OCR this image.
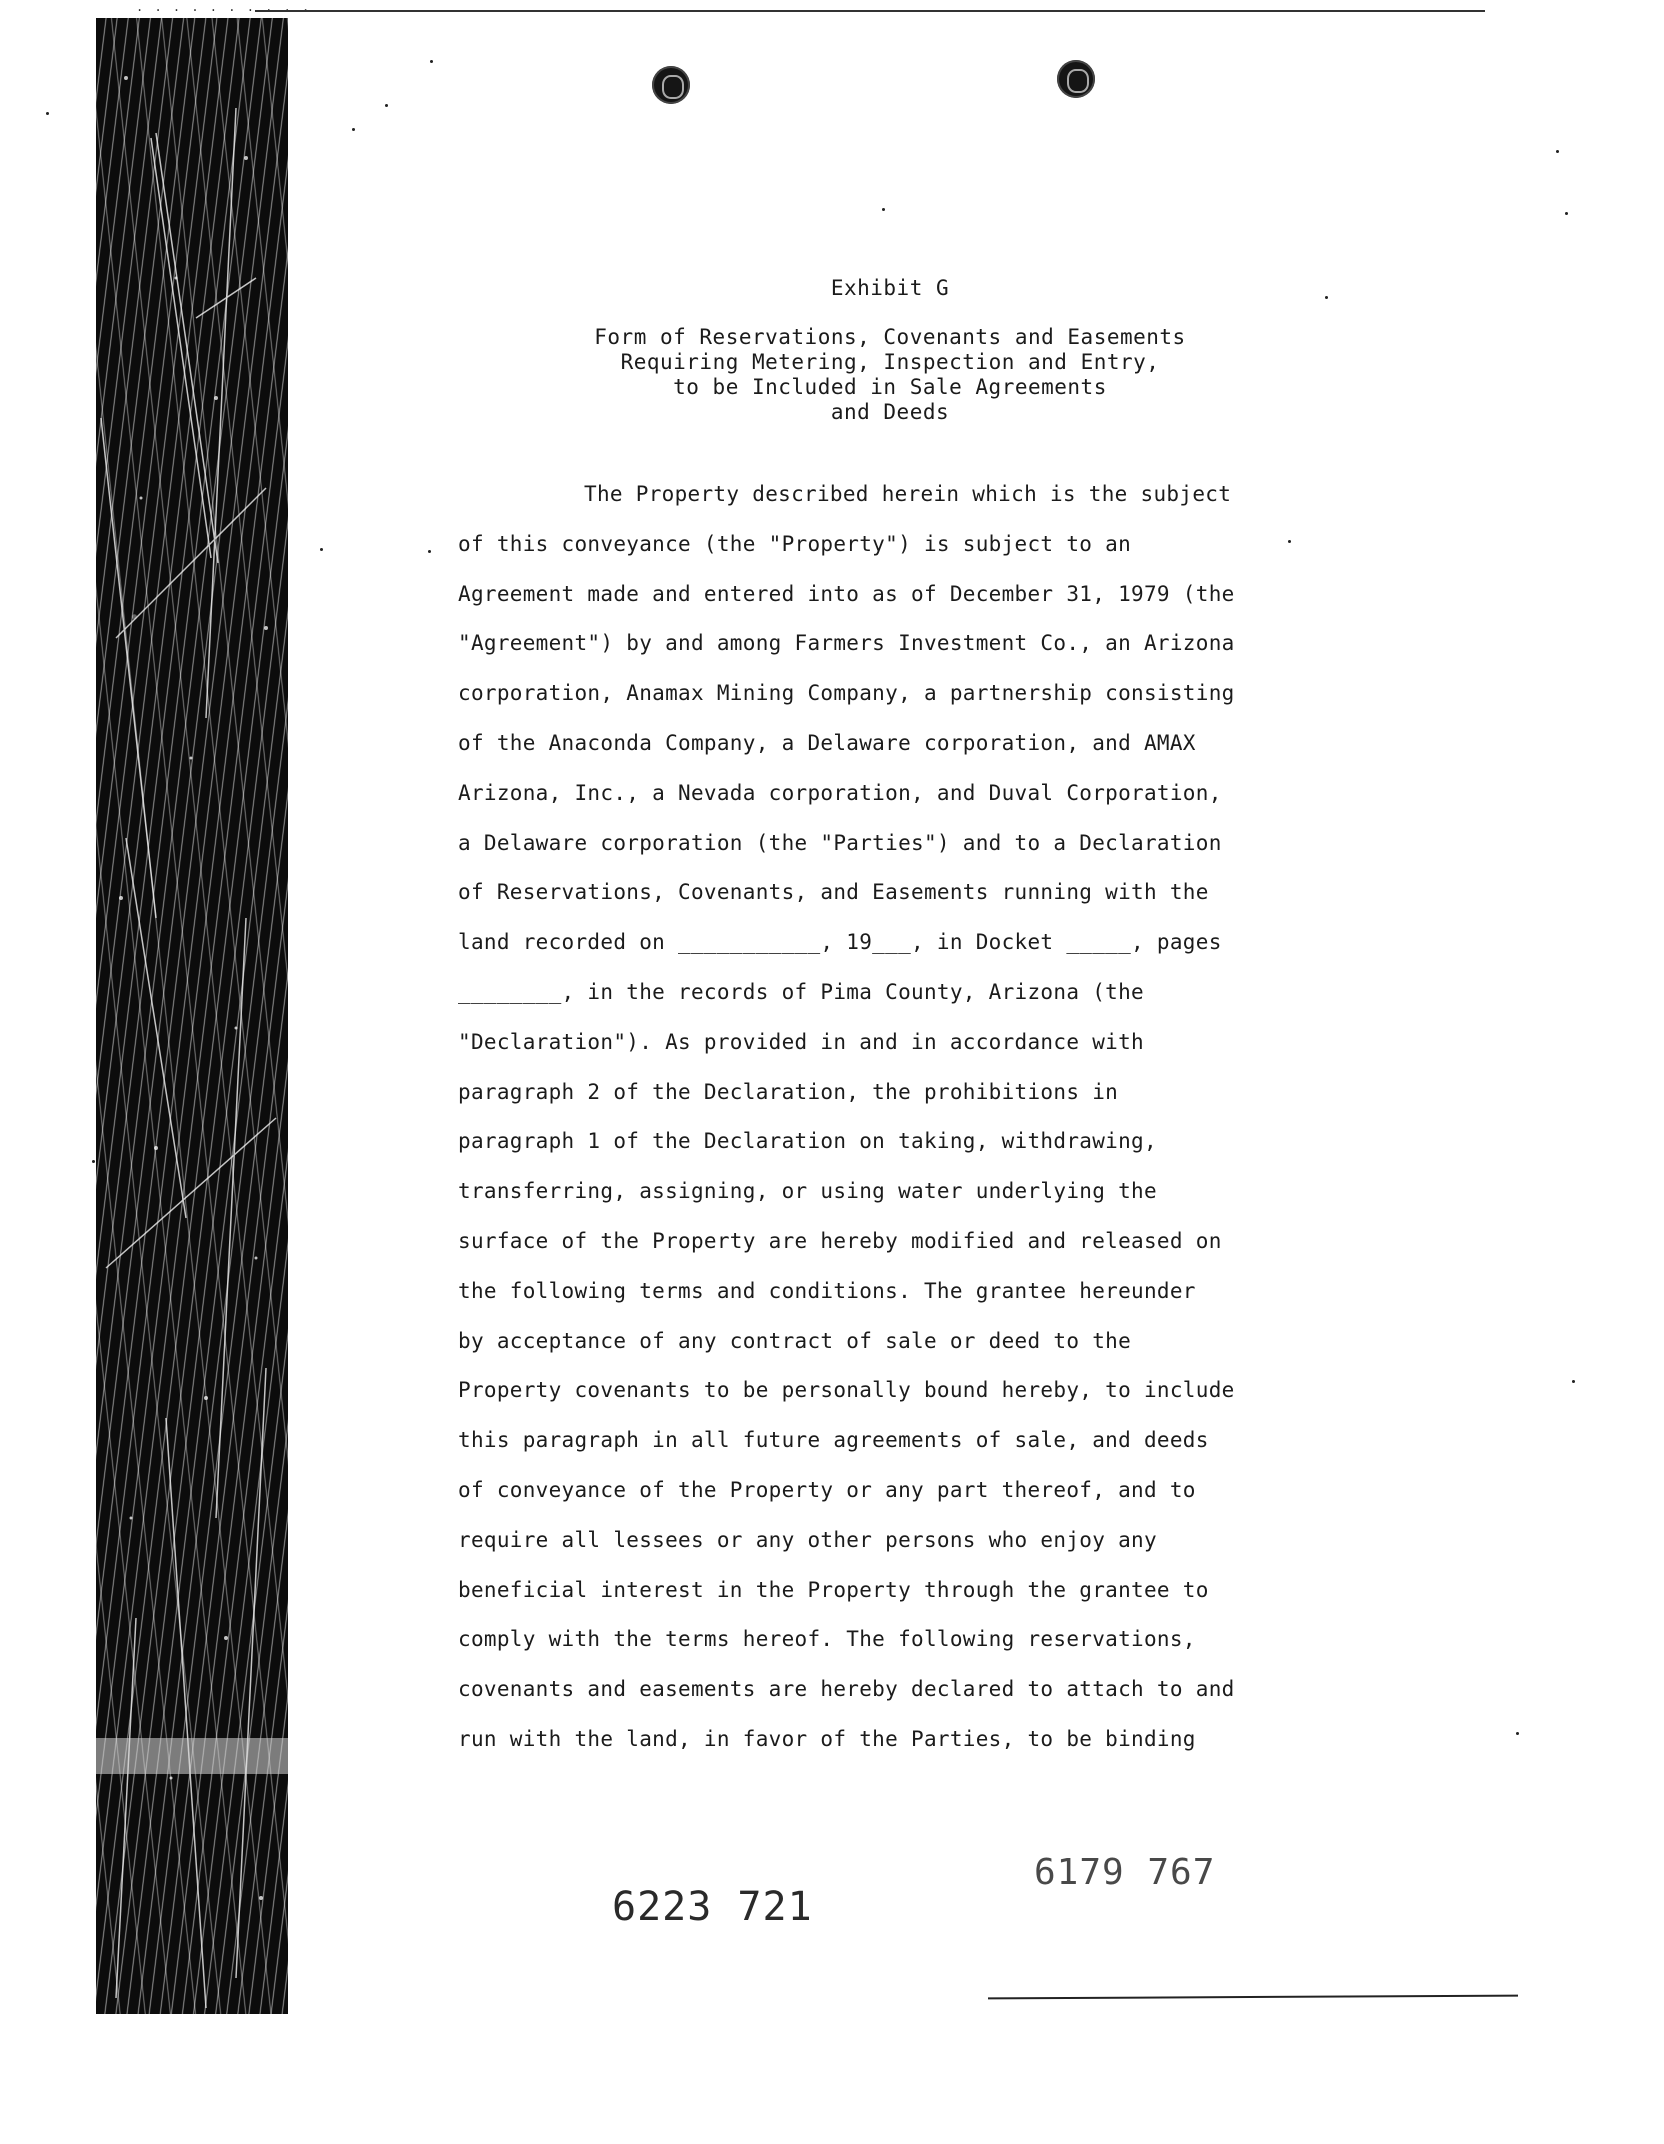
. . . . . . . . . .
Exhibit G
Form of Reservations, Covenants and Easements
Requiring Metering, Inspection and Entry,
to be Included in Sale Agreements
and Deeds
The Property described herein which is the subject
of this conveyance (the "Property") is subject to an
Agreement made and entered into as of December 31, 1979 (the
"Agreement") by and among Farmers Investment Co., an Arizona
corporation, Anamax Mining Company, a partnership consisting
of the Anaconda Company, a Delaware corporation, and AMAX
Arizona, Inc., a Nevada corporation, and Duval Corporation,
a Delaware corporation (the "Parties") and to a Declaration
of Reservations, Covenants, and Easements running with the
land recorded on ___________, 19___, in Docket _____, pages
________, in the records of Pima County, Arizona (the
"Declaration"). As provided in and in accordance with
paragraph 2 of the Declaration, the prohibitions in
paragraph 1 of the Declaration on taking, withdrawing,
transferring, assigning, or using water underlying the
surface of the Property are hereby modified and released on
the following terms and conditions. The grantee hereunder
by acceptance of any contract of sale or deed to the
Property covenants to be personally bound hereby, to include
this paragraph in all future agreements of sale, and deeds
of conveyance of the Property or any part thereof, and to
require all lessees or any other persons who enjoy any
beneficial interest in the Property through the grantee to
comply with the terms hereof. The following reservations,
covenants and easements are hereby declared to attach to and
run with the land, in favor of the Parties, to be binding
6223 721
6179 767
